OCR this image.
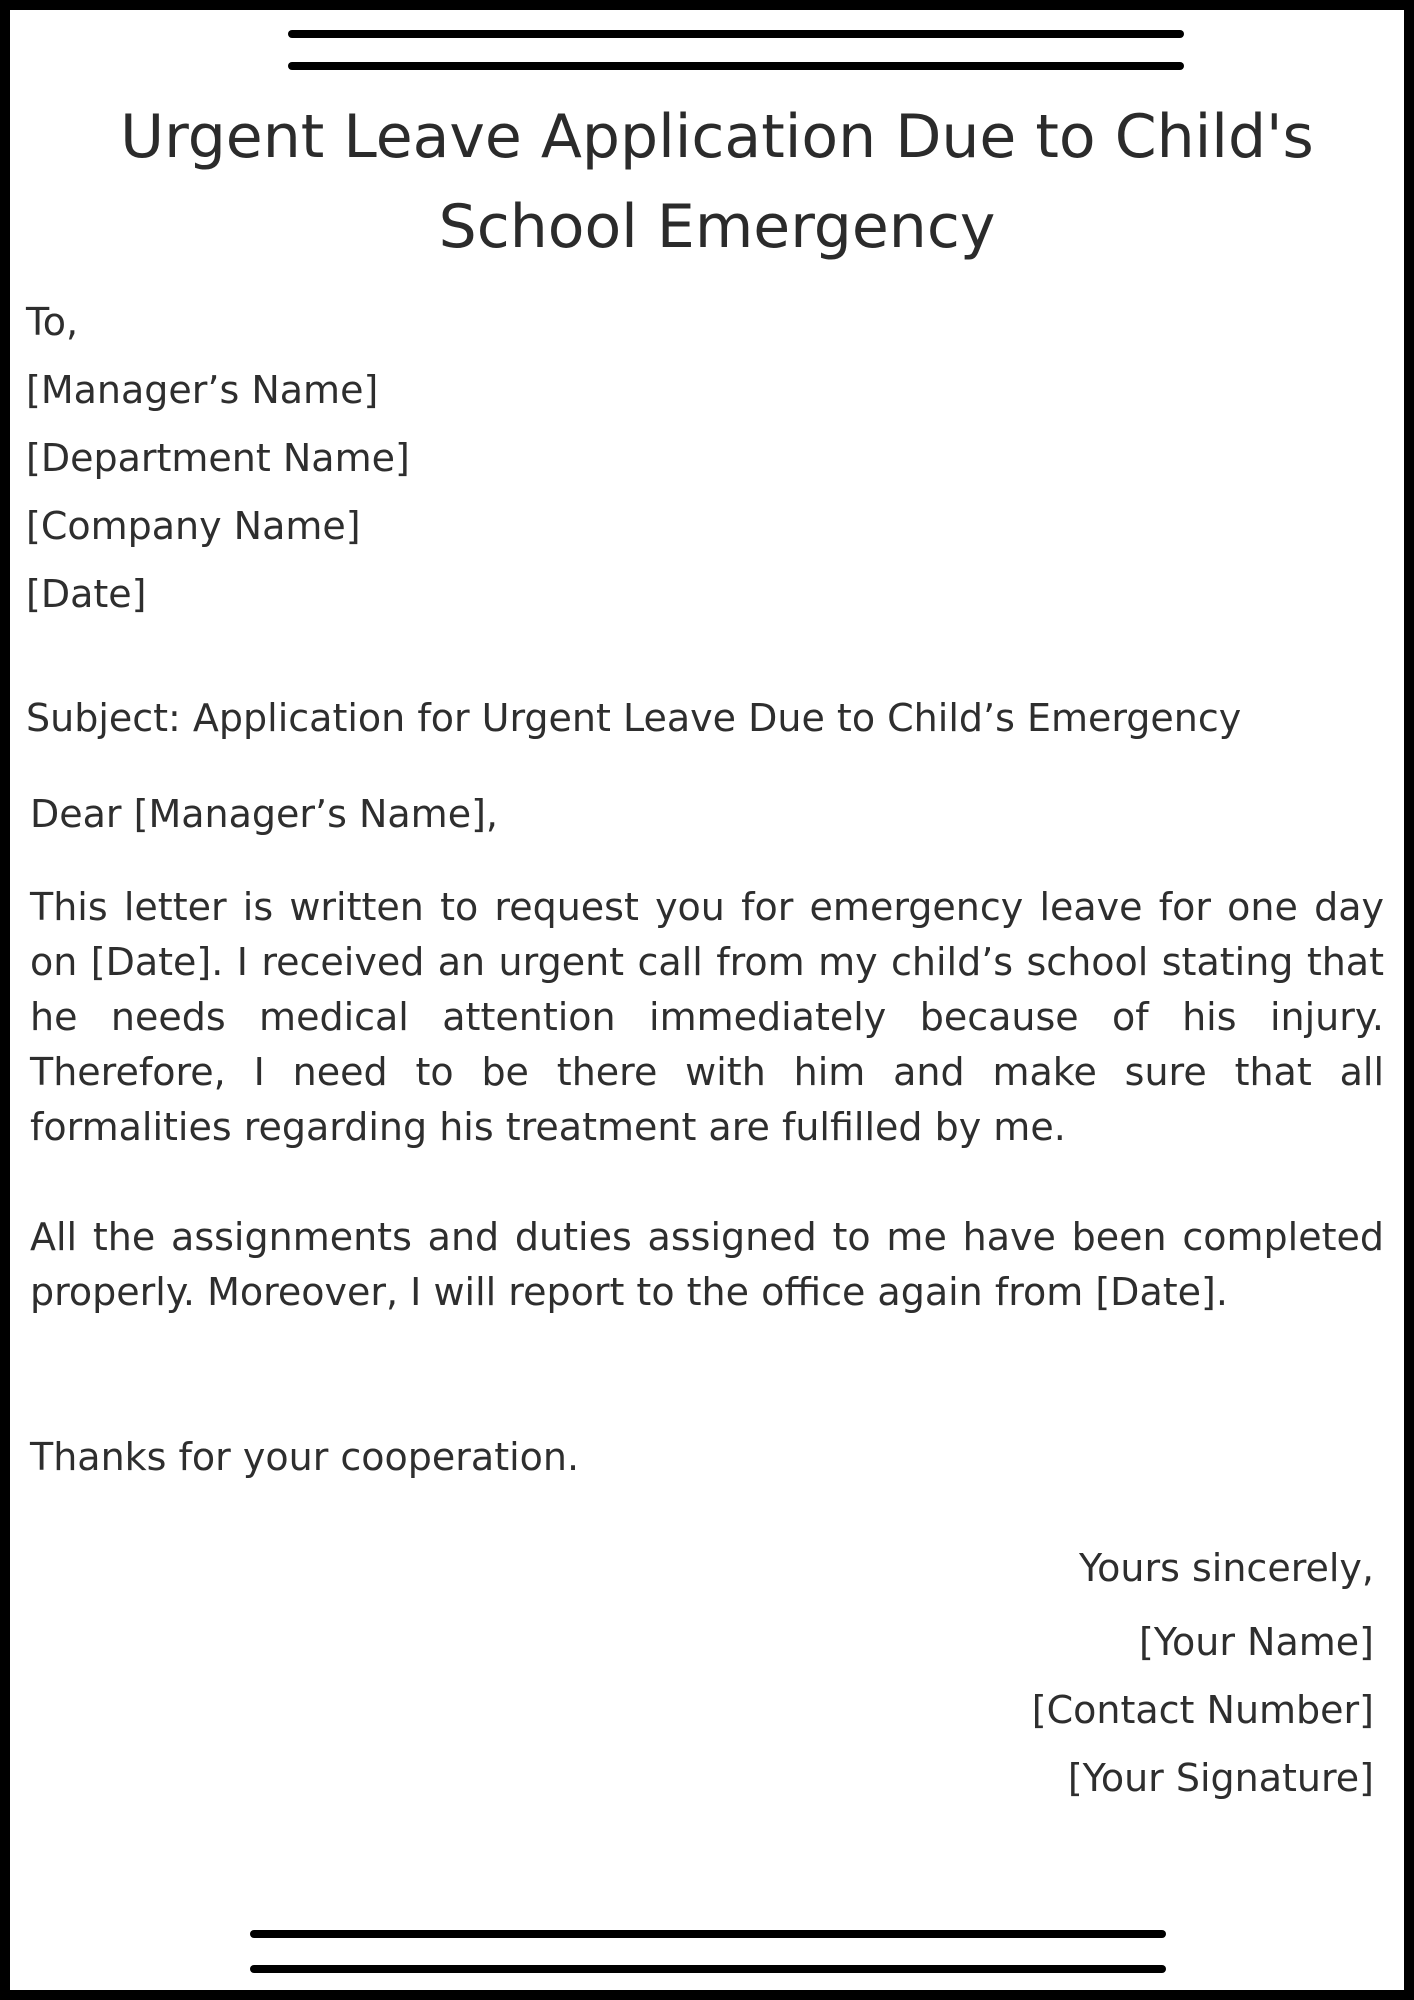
Urgent Leave Application Due to Child's School Emergency
To,
[Manager’s Name]
[Department Name]
[Company Name]
[Date]
Subject: Application for Urgent Leave Due to Child’s Emergency
Dear [Manager’s Name],

This letter is written to request you for emergency leave for one day on [Date]. I received an urgent call from my child’s school stating that he needs medical attention immediately because of his injury. Therefore, I need to be there with him and make sure that all formalities regarding his treatment are fulfilled by me.

All the assignments and duties assigned to me have been completed properly. Moreover, I will report to the office again from [Date].

Thanks for your cooperation.

Yours sincerely,
[Your Name]
[Contact Number]
[Your Signature]
